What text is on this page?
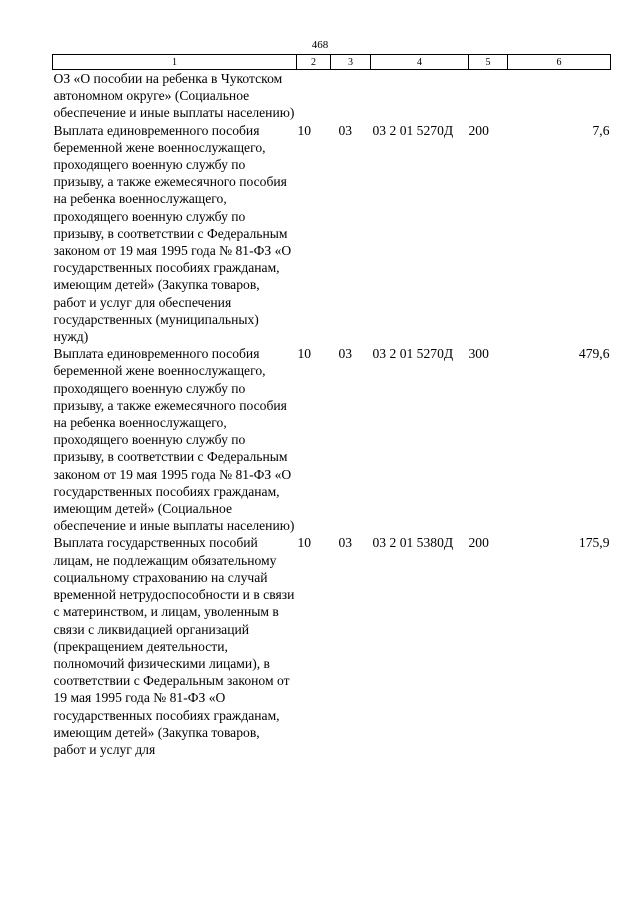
468
1	2	3	4	5	6
ОЗ «О пособии на ребенка в Чукотском автономном округе» (Социальное обеспечение и иные выплаты населению)					
Выплата единовременного пособия беременной жене военнослужащего, проходящего военную службу по призыву, а также ежемесячного пособия на ребенка военнослужащего, проходящего военную службу по призыву, в соответствии с Федеральным законом от 19 мая 1995 года № 81-ФЗ «О государственных пособиях гражданам, имеющим детей» (Закупка товаров, работ и услуг для обеспечения государственных (муниципальных) нужд)	10	03	03 2 01 5270Д	200	7,6
Выплата единовременного пособия беременной жене военнослужащего, проходящего военную службу по призыву, а также ежемесячного пособия на ребенка военнослужащего, проходящего военную службу по призыву, в соответствии с Федеральным законом от 19 мая 1995 года № 81-ФЗ «О государственных пособиях гражданам, имеющим детей» (Социальное обеспечение и иные выплаты населению)	10	03	03 2 01 5270Д	300	479,6
Выплата государственных пособий лицам, не подлежащим обязательному социальному страхованию на случай временной нетрудоспособности и в связи с материнством, и лицам, уволенным в связи с ликвидацией организаций (прекращением деятельности, полномочий физическими лицами), в соответствии с Федеральным законом от 19 мая 1995 года № 81-ФЗ «О государственных пособиях гражданам, имеющим детей» (Закупка товаров, работ и услуг для	10	03	03 2 01 5380Д	200	175,9
